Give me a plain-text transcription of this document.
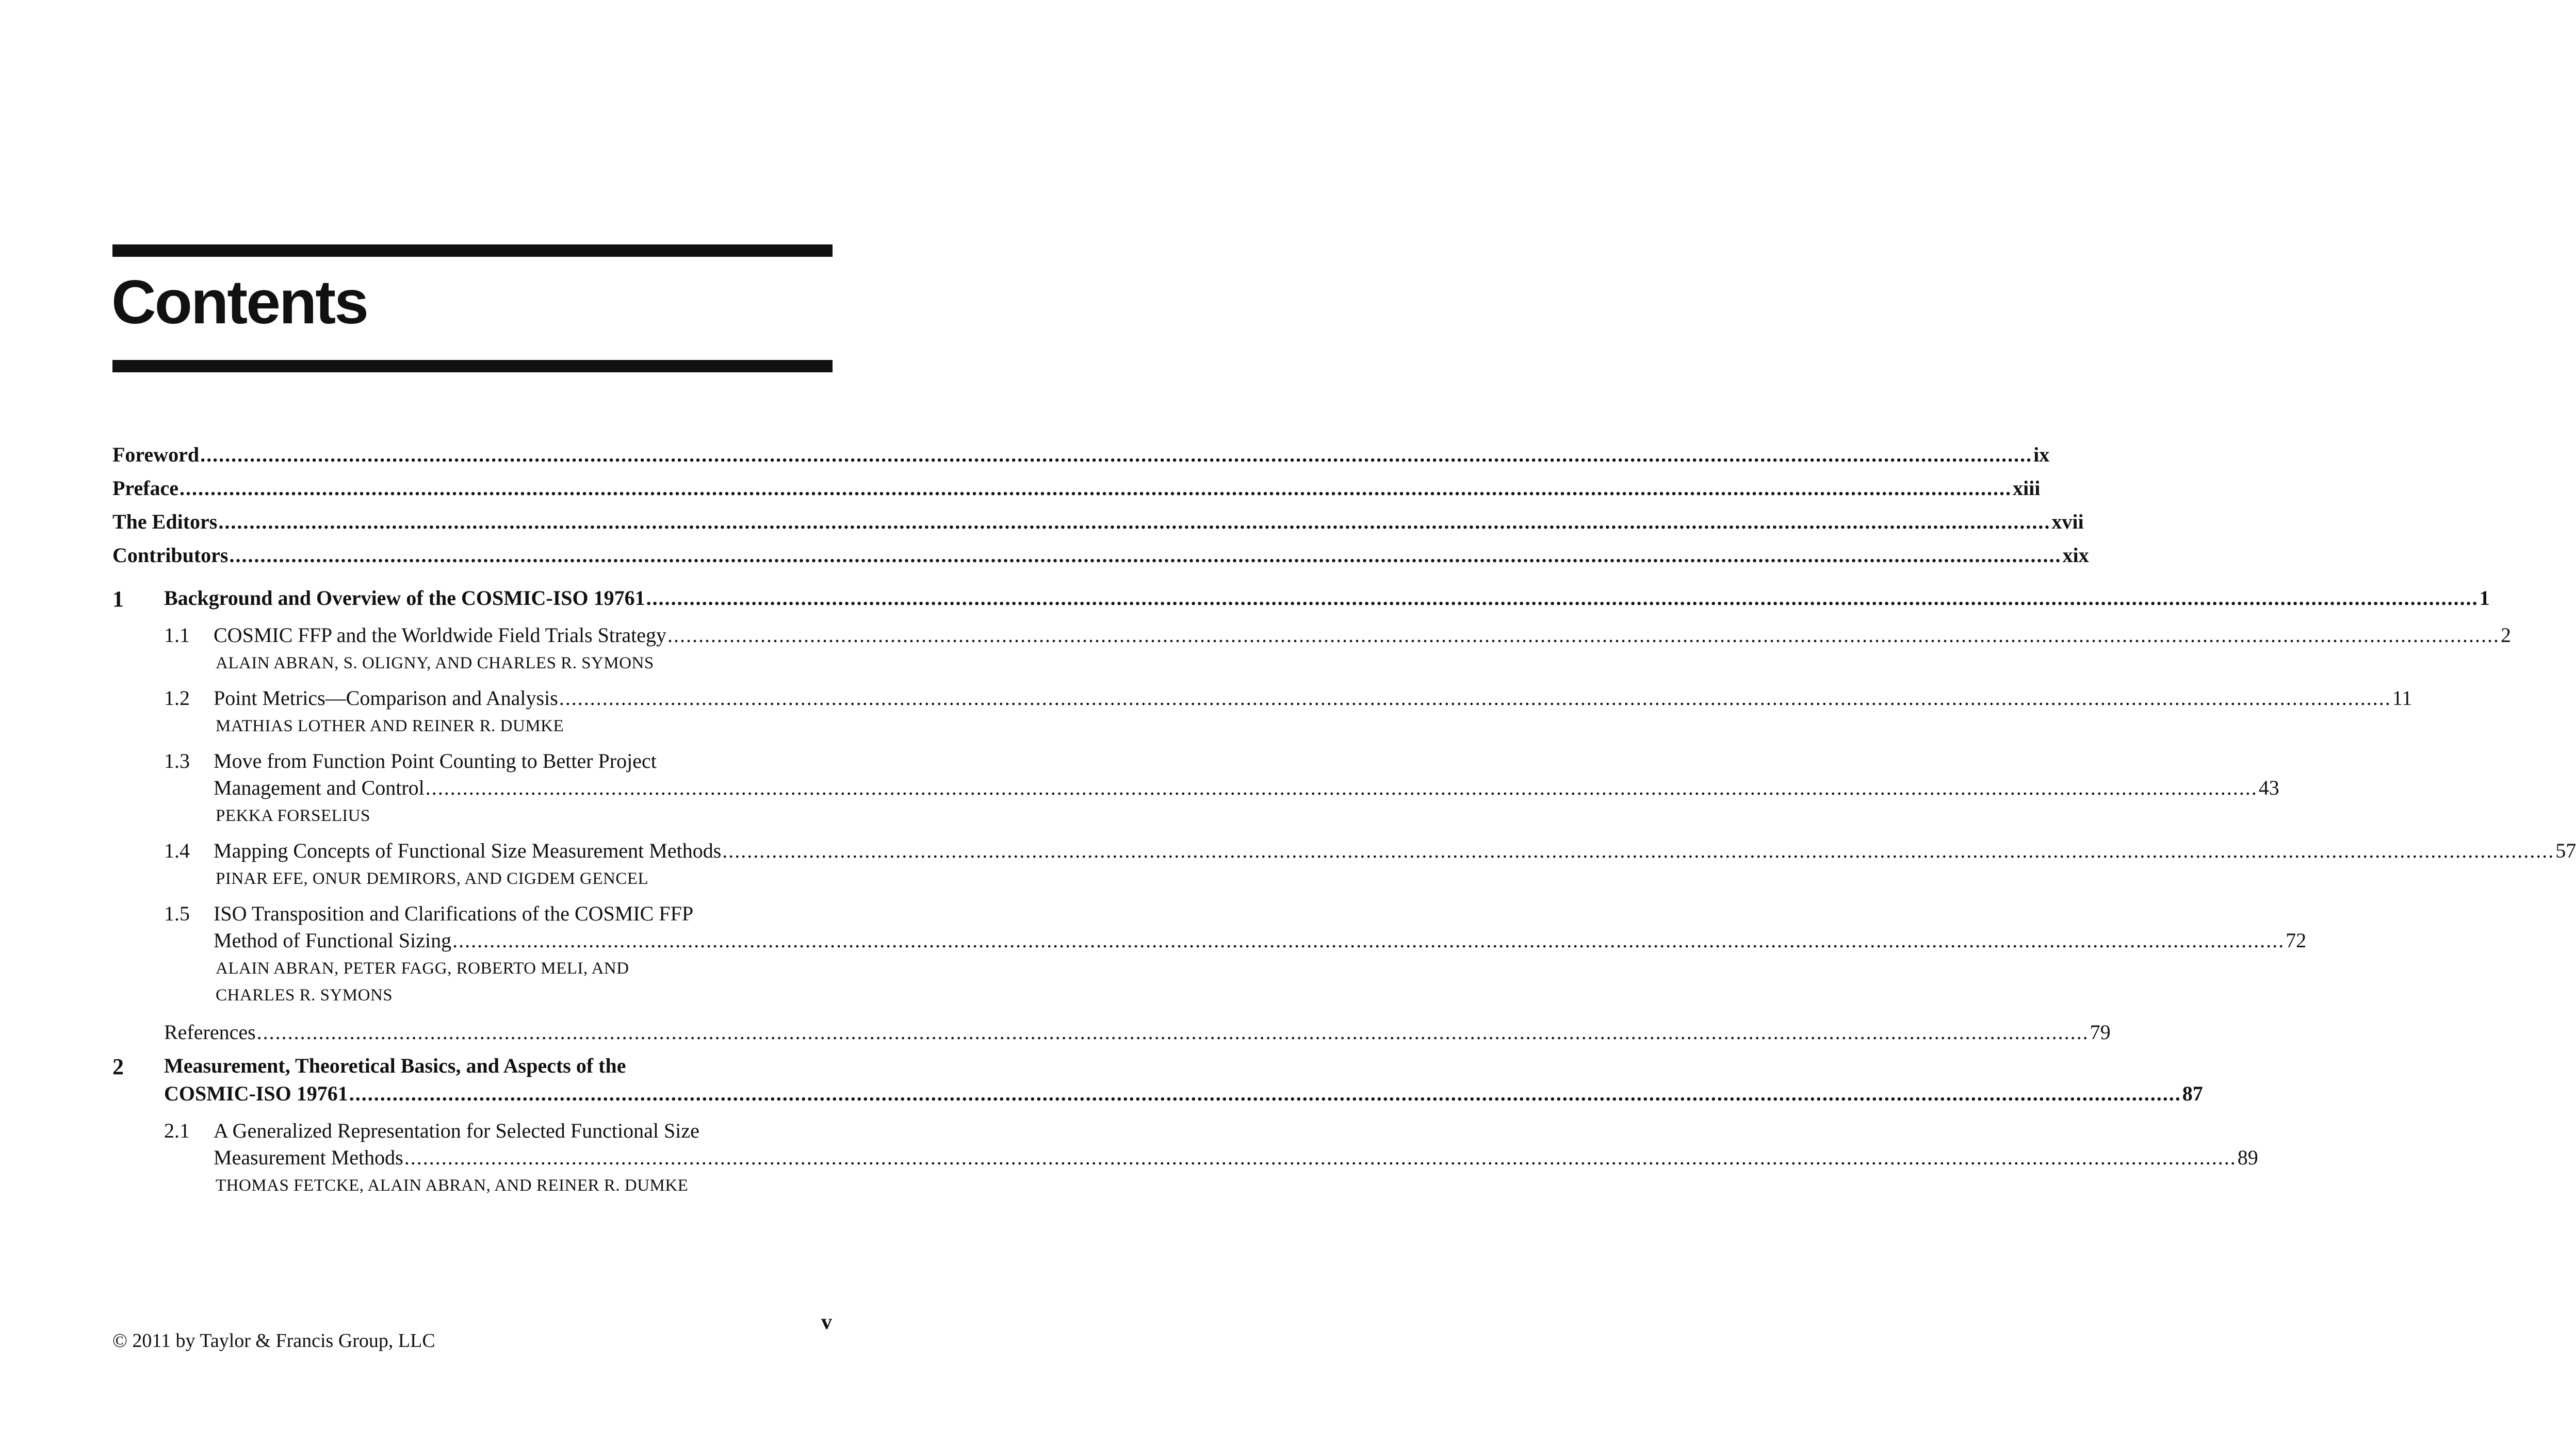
Contents
Foreword .....	ix
Preface .....	xiii
The Editors .....	xvii
Contributors .....	xix
1	Background and Overview of the COSMIC-ISO 19761 .....	1
1.1	COSMIC FFP and the Worldwide Field Trials Strategy .....	2
ALAIN ABRAN, S. OLIGNY, AND CHARLES R. SYMONS
1.2	Point Metrics—Comparison and Analysis .....	11
MATHIAS LOTHER AND REINER R. DUMKE
1.3	Move from Function Point Counting to Better Project
Management and Control .....	43
PEKKA FORSELIUS
1.4	Mapping Concepts of Functional Size Measurement Methods .....	57
PINAR EFE, ONUR DEMIRORS, AND CIGDEM GENCEL
1.5	ISO Transposition and Clarifications of the COSMIC FFP
Method of Functional Sizing .....	72
ALAIN ABRAN, PETER FAGG, ROBERTO MELI, AND
CHARLES R. SYMONS
References .....	79
2	Measurement, Theoretical Basics, and Aspects of the
COSMIC-ISO 19761 .....	87
2.1	A Generalized Representation for Selected Functional Size
Measurement Methods .....	89
THOMAS FETCKE, ALAIN ABRAN, AND REINER R. DUMKE
v
© 2011 by Taylor & Francis Group, LLC
